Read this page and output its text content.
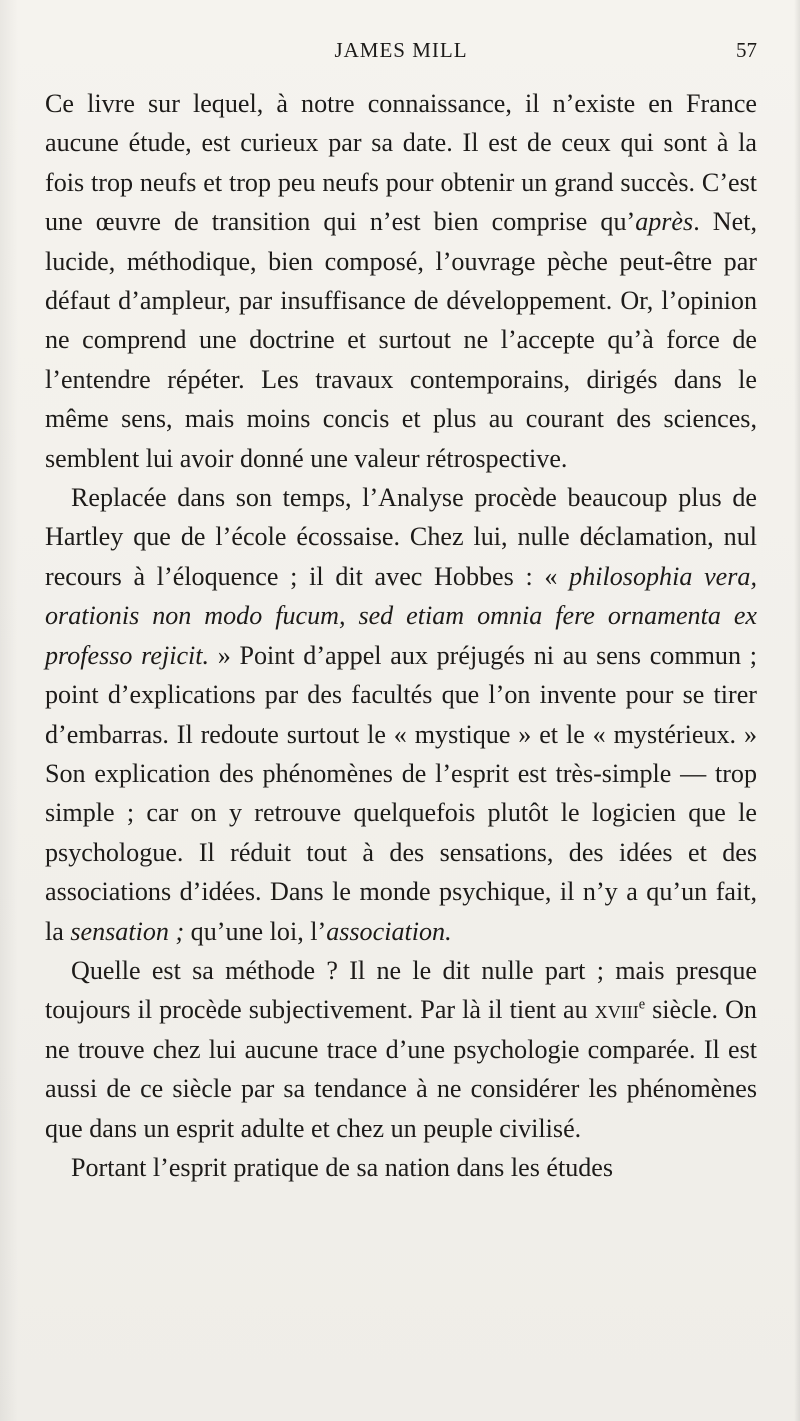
JAMES MILL	57

Ce livre sur lequel, à notre connaissance, il n’existe en France aucune étude, est curieux par sa date. Il est de ceux qui sont à la fois trop neufs et trop peu neufs pour obtenir un grand succès. C’est une œuvre de transition qui n’est bien comprise qu’après. Net, lucide, méthodique, bien composé, l’ouvrage pèche peut-être par défaut d’ampleur, par insuffisance de développement. Or, l’opinion ne comprend une doctrine et surtout ne l’accepte qu’à force de l’entendre répéter. Les travaux contemporains, dirigés dans le même sens, mais moins concis et plus au courant des sciences, semblent lui avoir donné une valeur rétrospective.

Replacée dans son temps, l’Analyse procède beaucoup plus de Hartley que de l’école écossaise. Chez lui, nulle déclamation, nul recours à l’éloquence ; il dit avec Hobbes : « philosophia vera, orationis non modo fucum, sed etiam omnia fere ornamenta ex professo rejicit. » Point d’appel aux préjugés ni au sens commun ; point d’explications par des facultés que l’on invente pour se tirer d’embarras. Il redoute surtout le « mystique » et le « mystérieux. » Son explication des phénomènes de l’esprit est très-simple — trop simple ; car on y retrouve quelquefois plutôt le logicien que le psychologue. Il réduit tout à des sensations, des idées et des associations d’idées. Dans le monde psychique, il n’y a qu’un fait, la sensation ; qu’une loi, l’association.

Quelle est sa méthode ? Il ne le dit nulle part ; mais presque toujours il procède subjectivement. Par là il tient au xviii$^e$ siècle. On ne trouve chez lui aucune trace d’une psychologie comparée. Il est aussi de ce siècle par sa tendance à ne considérer les phénomènes que dans un esprit adulte et chez un peuple civilisé.

Portant l’esprit pratique de sa nation dans les études
